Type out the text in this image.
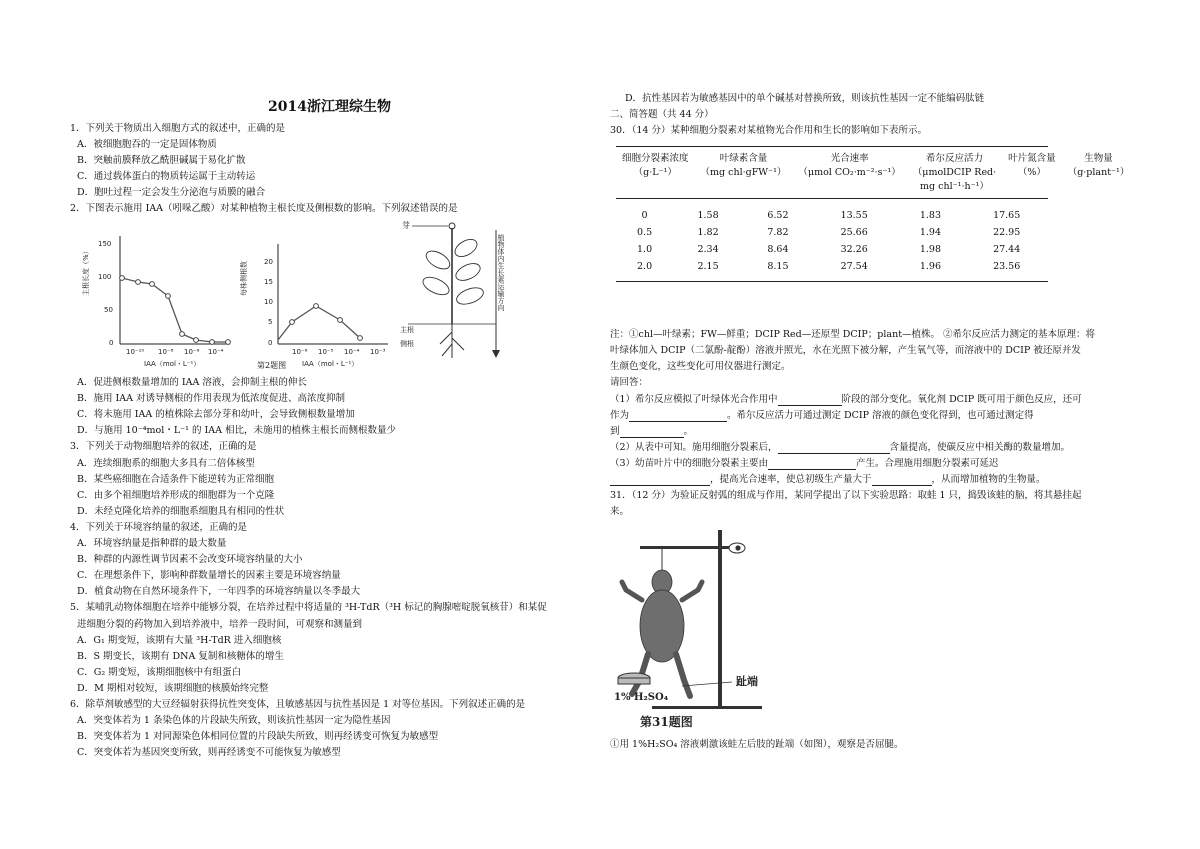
2014浙江理综生物
1．下列关于物质出入细胞方式的叙述中，正确的是
A．被细胞胞吞的一定是固体物质
B．突触前膜释放乙酰胆碱属于易化扩散
C．通过载体蛋白的物质转运属于主动转运
D．胞吐过程一定会发生分泌泡与质膜的融合
2．下图表示施用 IAA（吲哚乙酸）对某种植物主根长度及侧根数的影响。下列叙述错误的是
150
100
50
0
主根长度（%）
10⁻¹⁰ 10⁻⁸ 10⁻⁶ 10⁻⁴
IAA（mol・L⁻¹）
20
15
10
5
0
每株侧根数
10⁻⁶ 10⁻⁵ 10⁻⁴ 10⁻³
IAA（mol・L⁻¹）
芽
主根
侧根
植物体内生长素运输方向
第2题图
A．促进侧根数量增加的 IAA 溶液，会抑制主根的伸长
B．施用 IAA 对诱导侧根的作用表现为低浓度促进、高浓度抑制
C．将未施用 IAA 的植株除去部分芽和幼叶，会导致侧根数量增加
D．与施用 10⁻⁴mol・L⁻¹ 的 IAA 相比，未施用的植株主根长而侧根数量少
3．下列关于动物细胞培养的叙述，正确的是
A．连续细胞系的细胞大多具有二倍体核型
B．某些癌细胞在合适条件下能逆转为正常细胞
C．由多个祖细胞培养形成的细胞群为一个克隆
D．未经克隆化培养的细胞系细胞具有相同的性状
4．下列关于环境容纳量的叙述，正确的是
A．环境容纳量是指种群的最大数量
B．种群的内源性调节因素不会改变环境容纳量的大小
C．在理想条件下，影响种群数量增长的因素主要是环境容纳量
D．植食动物在自然环境条件下，一年四季的环境容纳量以冬季最大
5．某哺乳动物体细胞在培养中能够分裂，在培养过程中将适量的 ³H-TdR（³H 标记的胸腺嘧啶脱氧核苷）和某促
进细胞分裂的药物加入到培养液中，培养一段时间，可观察和测量到
A．G₁ 期变短，该期有大量 ³H-TdR 进入细胞核
B．S 期变长，该期有 DNA 复制和核糖体的增生
C．G₂ 期变短，该期细胞核中有组蛋白
D．M 期相对较短，该期细胞的核膜始终完整
6．除草剂敏感型的大豆经辐射获得抗性突变体，且敏感基因与抗性基因是 1 对等位基因。下列叙述正确的是
A．突变体若为 1 条染色体的片段缺失所致，则该抗性基因一定为隐性基因
B．突变体若为 1 对同源染色体相同位置的片段缺失所致，则再经诱变可恢复为敏感型
C．突变体若为基因突变所致，则再经诱变不可能恢复为敏感型
D．抗性基因若为敏感基因中的单个碱基对替换所致，则该抗性基因一定不能编码肽链
二、简答题（共 44 分）
30．（14 分）某种细胞分裂素对某植物光合作用和生长的影响如下表所示。
细胞分裂素浓度
（g·L⁻¹）	叶绿素含量
（mg chl·gFW⁻¹）	光合速率
（μmol CO₂·m⁻²·s⁻¹）	希尔反应活力
（μmolDCIP Red·
mg chl⁻¹·h⁻¹）	叶片氮含量
（%）	生物量
（g·plant⁻¹）
0	1.58	6.52	13.55	1.83	17.65
0.5	1.82	7.82	25.66	1.94	22.95
1.0	2.34	8.64	32.26	1.98	27.44
2.0	2.15	8.15	27.54	1.96	23.56
注：①chl—叶绿素；FW—鲜重；DCIP Red—还原型 DCIP；plant—植株。 ②希尔反应活力测定的基本原理：将
叶绿体加入 DCIP（二氯酚-靛酚）溶液并照光，水在光照下被分解，产生氧气等，而溶液中的 DCIP 被还原并发
生颜色变化，这些变化可用仪器进行测定。
请回答：
（1）希尔反应模拟了叶绿体光合作用中	阶段的部分变化。氧化剂 DCIP 既可用于颜色反应，还可
作为	。希尔反应活力可通过测定 DCIP 溶液的颜色变化得到，也可通过测定得
到	。
（2）从表中可知。施用细胞分裂素后，	含量提高，使碳反应中相关酶的数量增加。
（3）幼苗叶片中的细胞分裂素主要由	产生。合理施用细胞分裂素可延迟
，提高光合速率，使总初级生产量大于	，从而增加植物的生物量。
31．（12 分）为验证反射弧的组成与作用，某同学提出了以下实验思路：取蛙 1 只，捣毁该蛙的脑，将其悬挂起
来。
趾端
1% H₂SO₄
第31题图
①用 1%H₂SO₄ 溶液刺激该蛙左后肢的趾端（如图），观察是否屈腿。
